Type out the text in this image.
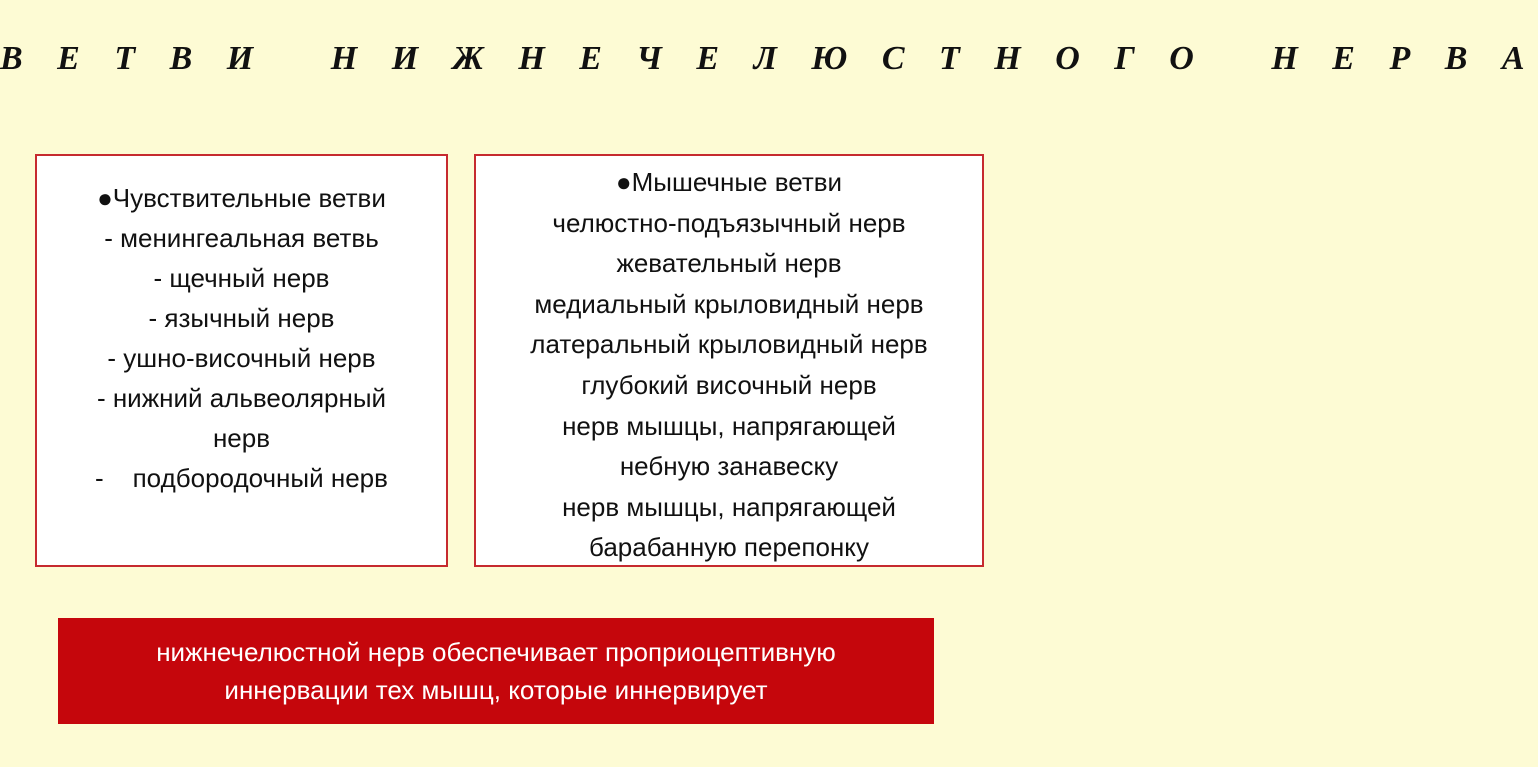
В Е Т В И   Н И Ж Н Е Ч Е Л Ю С Т Н О Г О   Н Е Р В А
●Чувствительные ветви
- менингеальная ветвь
- щечный нерв
- язычный нерв
- ушно-височный нерв
- нижний альвеолярный
нерв
-    подбородочный нерв
●Мышечные ветви
челюстно-подъязычный нерв
жевательный нерв
медиальный крыловидный нерв
латеральный крыловидный нерв
глубокий височный нерв
нерв мышцы, напрягающей
небную занавеску
нерв мышцы, напрягающей
барабанную перепонку
нижнечелюстной нерв обеспечивает проприоцептивную
иннервации тех мышц, которые иннервирует
